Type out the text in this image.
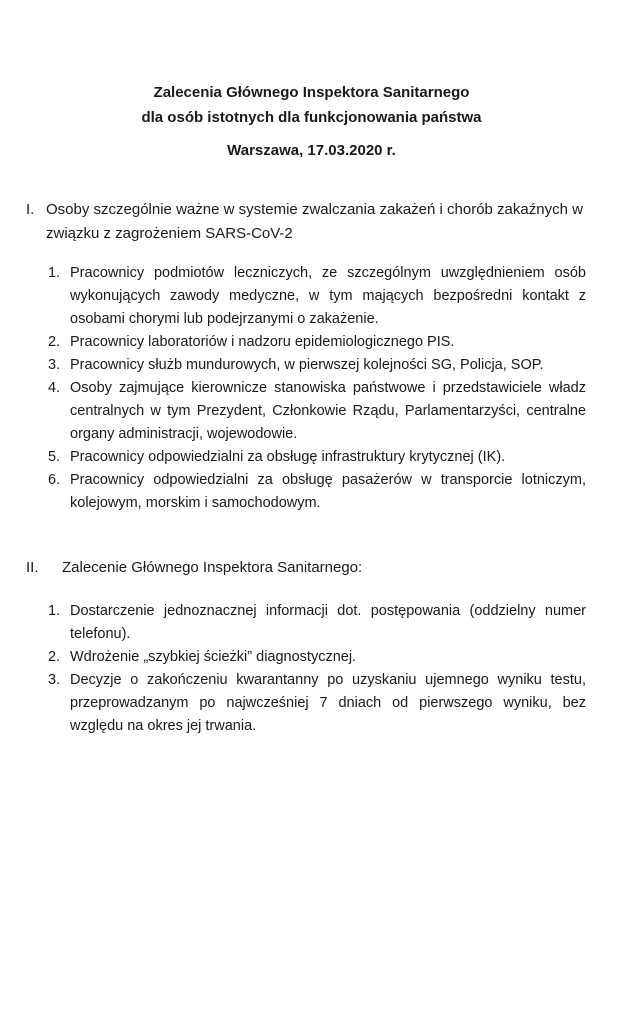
Zalecenia Głównego Inspektora Sanitarnego
dla osób istotnych dla funkcjonowania państwa
Warszawa, 17.03.2020 r.
I. Osoby szczególnie ważne w systemie zwalczania zakażeń i chorób zakaźnych w związku z zagrożeniem SARS-CoV-2
1. Pracownicy podmiotów leczniczych, ze szczególnym uwzględnieniem osób wykonujących zawody medyczne, w tym mających bezpośredni kontakt z osobami chorymi lub podejrzanymi o zakażenie.
2. Pracownicy laboratoriów i nadzoru epidemiologicznego PIS.
3. Pracownicy służb mundurowych, w pierwszej kolejności SG, Policja, SOP.
4. Osoby zajmujące kierownicze stanowiska państwowe i przedstawiciele władz centralnych w tym Prezydent, Członkowie Rządu, Parlamentarzyści, centralne organy administracji, wojewodowie.
5. Pracownicy odpowiedzialni za obsługę infrastruktury krytycznej (IK).
6. Pracownicy odpowiedzialni za obsługę pasażerów w transporcie lotniczym, kolejowym, morskim i samochodowym.
II. Zalecenie Głównego Inspektora Sanitarnego:
1. Dostarczenie jednoznacznej informacji dot. postępowania (oddzielny numer telefonu).
2. Wdrożenie „szybkiej ścieżki” diagnostycznej.
3. Decyzje o zakończeniu kwarantanny po uzyskaniu ujemnego wyniku testu, przeprowadzanym po najwcześniej 7 dniach od pierwszego wyniku, bez względu na okres jej trwania.
